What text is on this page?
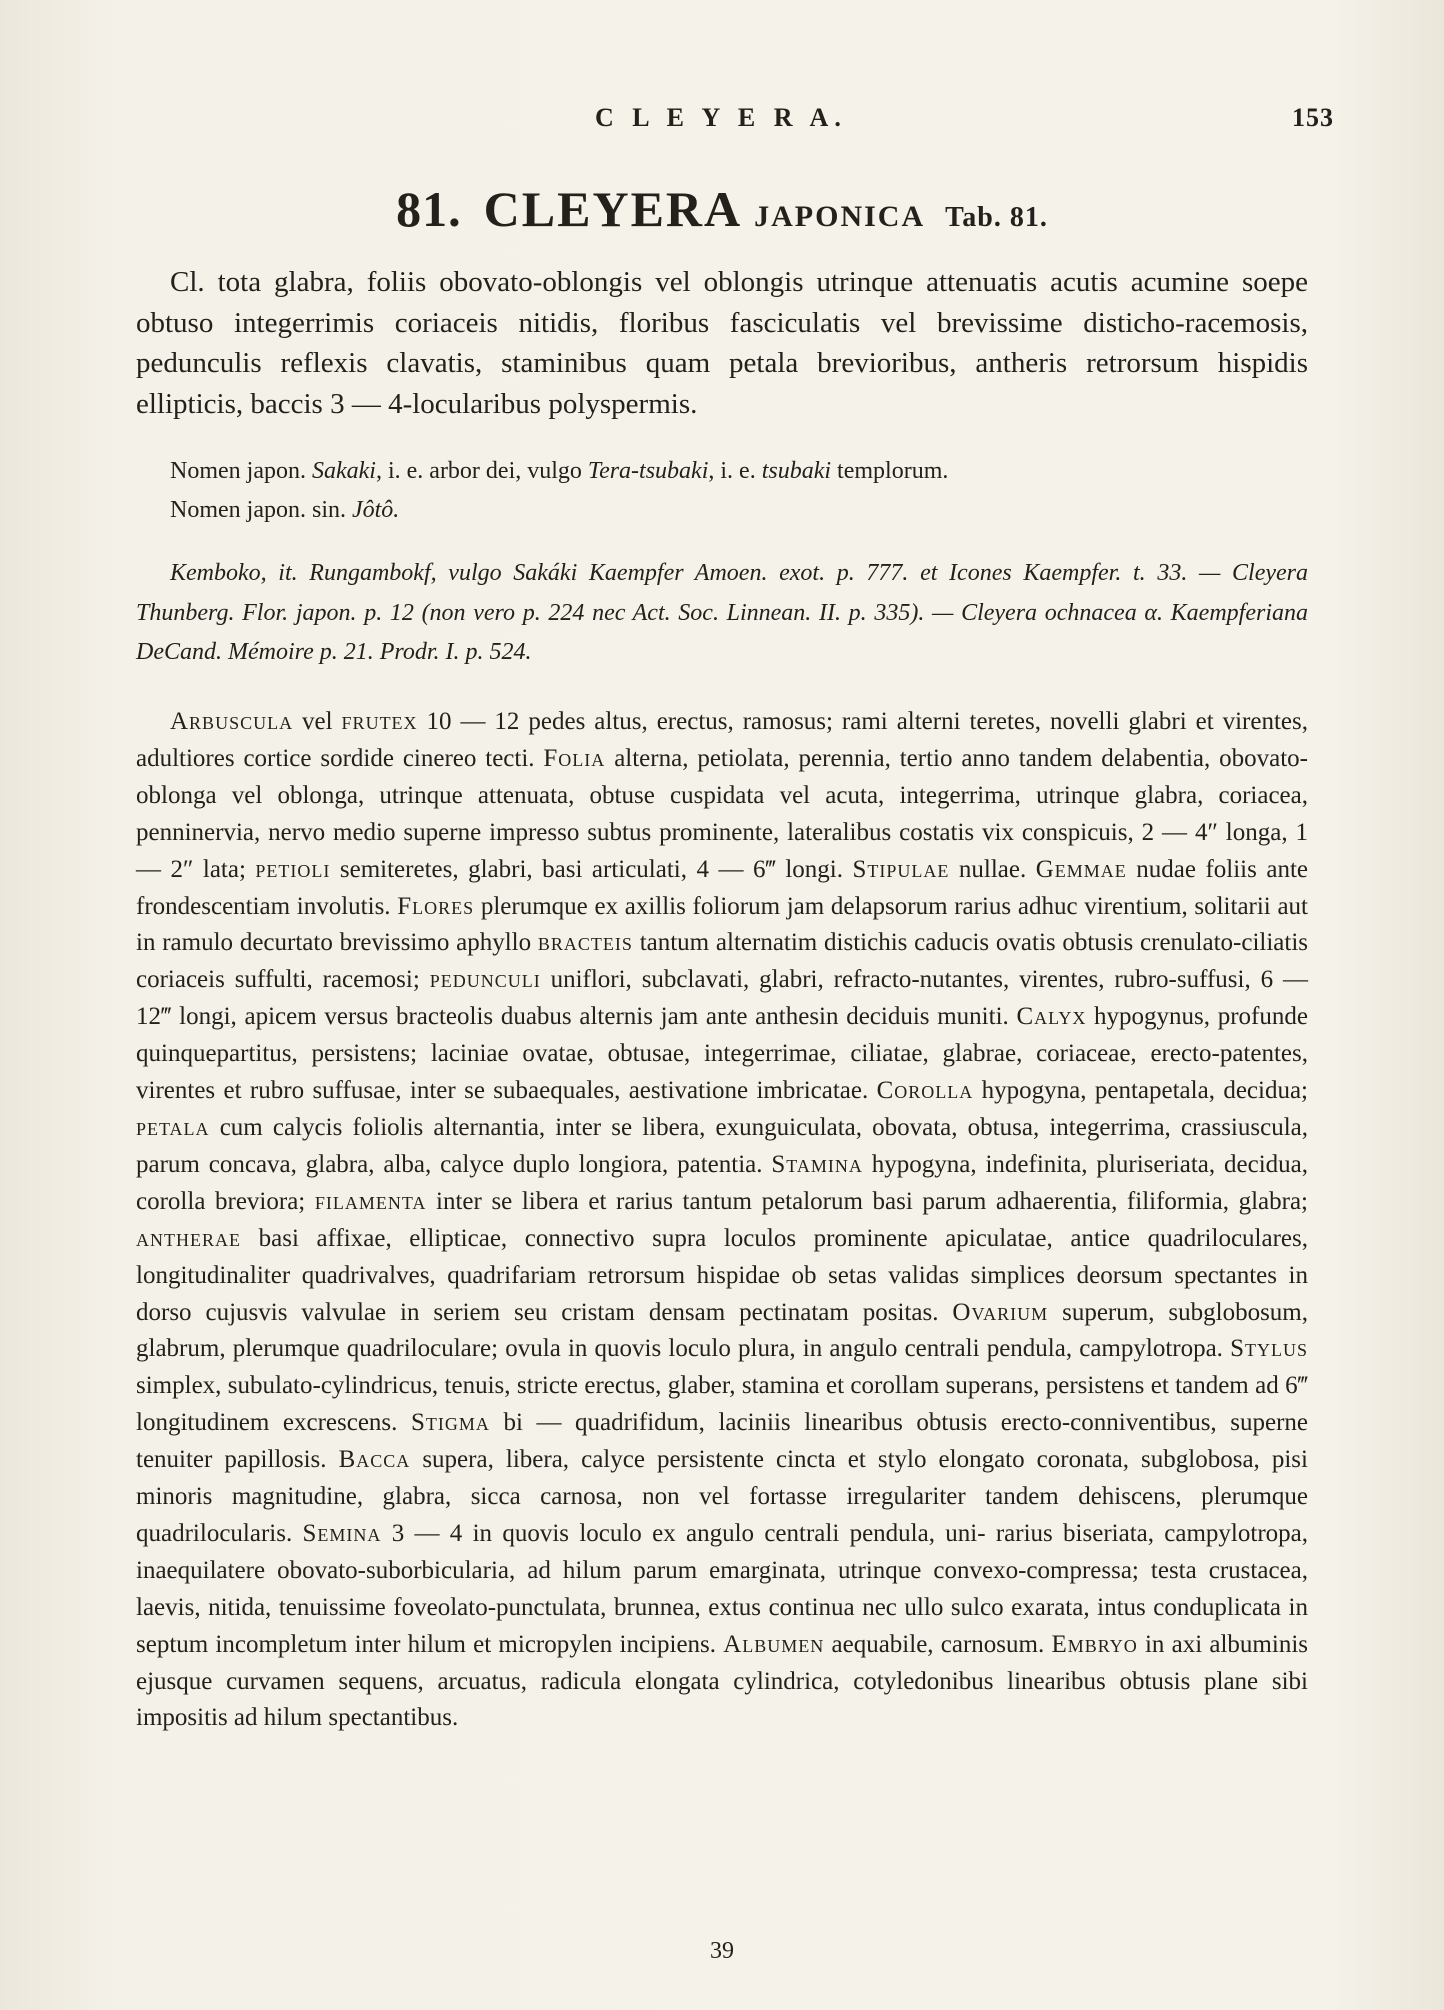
C L E Y E R A.	153
81. CLEYERA JAPONICA Tab. 81.
Cl. tota glabra, foliis obovato-oblongis vel oblongis utrinque attenuatis acutis acumine soepe obtuso integerrimis coriaceis nitidis, floribus fasciculatis vel brevissime disticho-racemosis, pedunculis reflexis clavatis, staminibus quam petala brevioribus, antheris retrorsum hispidis ellipticis, baccis 3 — 4-locularibus polyspermis.

Nomen japon. Sakaki, i. e. arbor dei, vulgo Tera-tsubaki, i. e. tsubaki templorum.

Nomen japon. sin. Jôtô.

Kemboko, it. Rungambokf, vulgo Sakáki Kaempfer Amoen. exot. p. 777. et Icones Kaempfer. t. 33. — Cleyera Thunberg. Flor. japon. p. 12 (non vero p. 224 nec Act. Soc. Linnean. II. p. 335). — Cleyera ochnacea α. Kaempferiana DeCand. Mémoire p. 21. Prodr. I. p. 524.
Arbuscula vel frutex 10 — 12 pedes altus, erectus, ramosus; rami alterni teretes, novelli glabri et virentes, adultiores cortice sordide cinereo tecti. Folia alterna, petiolata, perennia, tertio anno tandem delabentia, obovato-oblonga vel oblonga, utrinque attenuata, obtuse cuspidata vel acuta, integerrima, utrinque glabra, coriacea, penninervia, nervo medio superne impresso subtus prominente, lateralibus costatis vix conspicuis, 2 — 4″ longa, 1 — 2″ lata; petioli semiteretes, glabri, basi articulati, 4 — 6‴ longi. Stipulae nullae. Gemmae nudae foliis ante frondescentiam involutis. Flores plerumque ex axillis foliorum jam delapsorum rarius adhuc virentium, solitarii aut in ramulo decurtato brevissimo aphyllo bracteis tantum alternatim distichis caducis ovatis obtusis crenulato-ciliatis coriaceis suffulti, racemosi; pedunculi uniflori, subclavati, glabri, refracto-nutantes, virentes, rubro-suffusi, 6 — 12‴ longi, apicem versus bracteolis duabus alternis jam ante anthesin deciduis muniti. Calyx hypogynus, profunde quinquepartitus, persistens; laciniae ovatae, obtusae, integerrimae, ciliatae, glabrae, coriaceae, erecto-patentes, virentes et rubro suffusae, inter se subaequales, aestivatione imbricatae. Corolla hypogyna, pentapetala, decidua; petala cum calycis foliolis alternantia, inter se libera, exunguiculata, obovata, obtusa, integerrima, crassiuscula, parum concava, glabra, alba, calyce duplo longiora, patentia. Stamina hypogyna, indefinita, pluriseriata, decidua, corolla breviora; filamenta inter se libera et rarius tantum petalorum basi parum adhaerentia, filiformia, glabra; antherae basi affixae, ellipticae, connectivo supra loculos prominente apiculatae, antice quadriloculares, longitudinaliter quadrivalves, quadrifariam retrorsum hispidae ob setas validas simplices deorsum spectantes in dorso cujusvis valvulae in seriem seu cristam densam pectinatam positas. Ovarium superum, subglobosum, glabrum, plerumque quadriloculare; ovula in quovis loculo plura, in angulo centrali pendula, campylotropa. Stylus simplex, subulato-cylindricus, tenuis, stricte erectus, glaber, stamina et corollam superans, persistens et tandem ad 6‴ longitudinem excrescens. Stigma bi — quadrifidum, laciniis linearibus obtusis erecto-conniventibus, superne tenuiter papillosis. Bacca supera, libera, calyce persistente cincta et stylo elongato coronata, subglobosa, pisi minoris magnitudine, glabra, sicca carnosa, non vel fortasse irregulariter tandem dehiscens, plerumque quadrilocularis. Semina 3 — 4 in quovis loculo ex angulo centrali pendula, uni- rarius biseriata, campylotropa, inaequilatere obovato-suborbicularia, ad hilum parum emarginata, utrinque convexo-compressa; testa crustacea, laevis, nitida, tenuissime foveolato-punctulata, brunnea, extus continua nec ullo sulco exarata, intus conduplicata in septum incompletum inter hilum et micropylen incipiens. Albumen aequabile, carnosum. Embryo in axi albuminis ejusque curvamen sequens, arcuatus, radicula elongata cylindrica, cotyledonibus linearibus obtusis plane sibi impositis ad hilum spectantibus.
39
